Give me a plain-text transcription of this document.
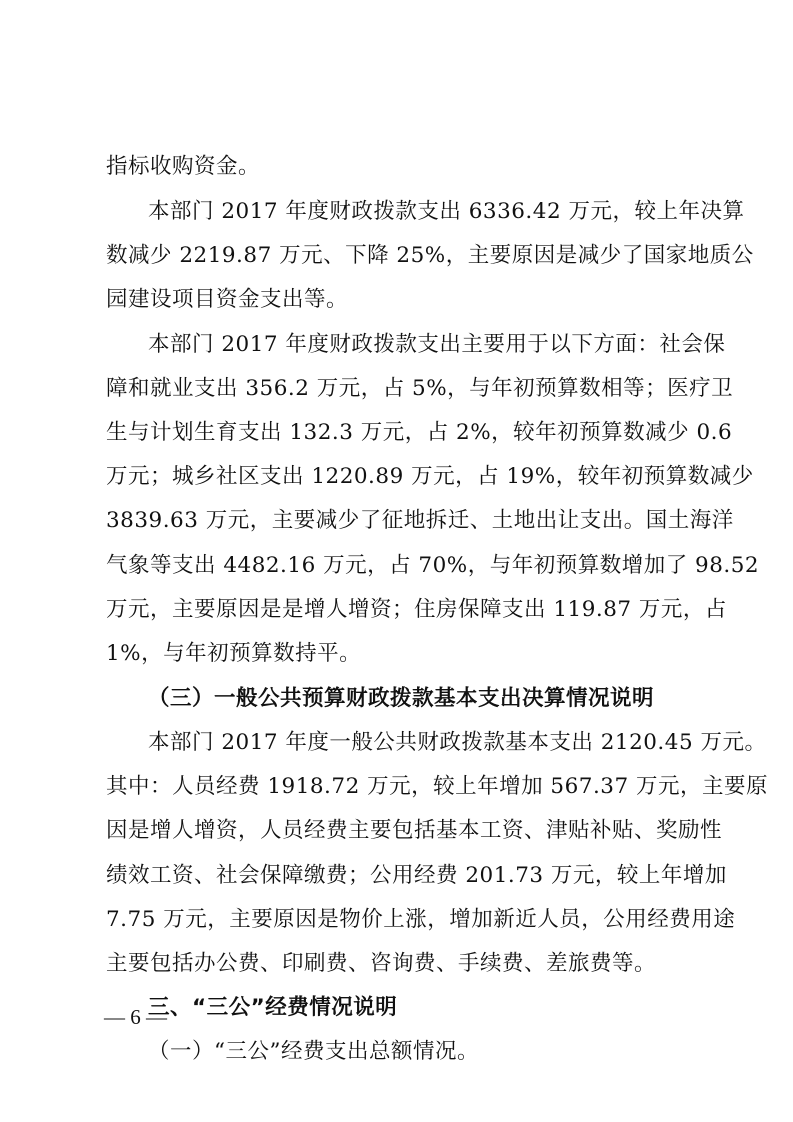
指标收购资金。
本部门 2017 年度财政拨款支出 6336.42 万元，较上年决算
数减少 2219.87 万元、下降 25%，主要原因是减少了国家地质公
园建设项目资金支出等。
本部门 2017 年度财政拨款支出主要用于以下方面：社会保
障和就业支出 356.2 万元，占 5%，与年初预算数相等；医疗卫
生与计划生育支出 132.3 万元，占 2%，较年初预算数减少 0.6
万元；城乡社区支出 1220.89 万元，占 19%，较年初预算数减少
3839.63 万元，主要减少了征地拆迁、土地出让支出。国土海洋
气象等支出 4482.16 万元，占 70%，与年初预算数增加了 98.52
万元，主要原因是是增人增资；住房保障支出 119.87 万元，占
1%，与年初预算数持平。
（三）一般公共预算财政拨款基本支出决算情况说明
本部门 2017 年度一般公共财政拨款基本支出 2120.45 万元。
其中：人员经费 1918.72 万元，较上年增加 567.37 万元，主要原
因是增人增资，人员经费主要包括基本工资、津贴补贴、奖励性
绩效工资、社会保障缴费；公用经费 201.73 万元，较上年增加
7.75 万元，主要原因是物价上涨，增加新近人员，公用经费用途
主要包括办公费、印刷费、咨询费、手续费、差旅费等。
三、“三公”经费情况说明
（一）“三公”经费支出总额情况。
— 6 —
